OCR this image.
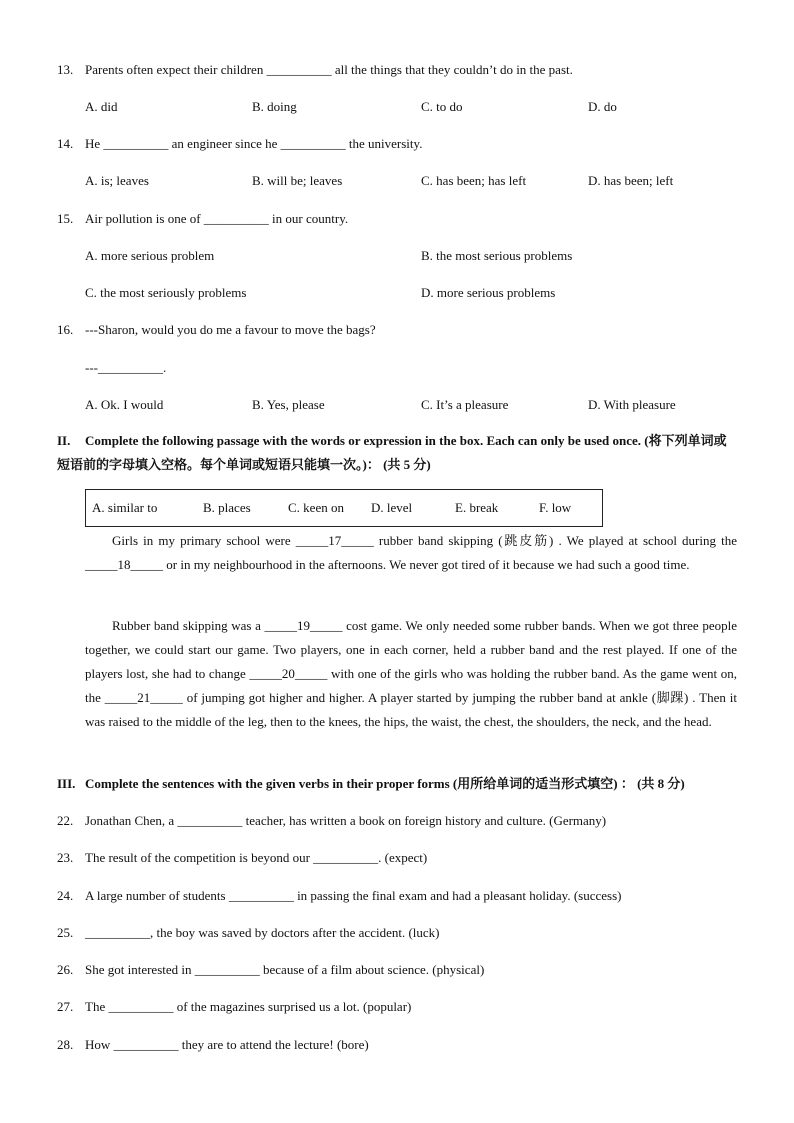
13. Parents often expect their children __________ all the things that they couldn’t do in the past.
A. did	B. doing	C. to do	D. do
14. He __________ an engineer since he __________ the university.
A. is; leaves	B. will be; leaves	C. has been; has left	D. has been; left
15. Air pollution is one of __________ in our country.
A. more serious problem	B. the most serious problems
C. the most seriously problems	D. more serious problems
16. ---Sharon, would you do me a favour to move the bags?
---__________.
A. Ok. I would	B. Yes, please	C. It’s a pleasure	D. With pleasure
II. Complete the following passage with the words or expression in the box. Each can only be used once. (将下列单词或短语前的字母填入空格。每个单词或短语只能填一次。)： (共 5 分)
A. similar to	B. places	C. keen on D. level	E. break	F. low
Girls in my primary school were _____17_____ rubber band skipping (跳皮筋) . We played at school during the _____18_____ or in my neighbourhood in the afternoons. We never got tired of it because we had such a good time.
Rubber band skipping was a _____19_____ cost game. We only needed some rubber bands. When we got three people together, we could start our game. Two players, one in each corner, held a rubber band and the rest played. If one of the players lost, she had to change _____20_____ with one of the girls who was holding the rubber band. As the game went on, the _____21_____ of jumping got higher and higher. A player started by jumping the rubber band at ankle (脚踝) . Then it was raised to the middle of the leg, then to the knees, the hips, the waist, the chest, the shoulders, the neck, and the head.
III. Complete the sentences with the given verbs in their proper forms (用所给单词的适当形式填空) ： (共 8 分)
22. Jonathan Chen, a __________ teacher, has written a book on foreign history and culture. (Germany)
23. The result of the competition is beyond our __________. (expect)
24. A large number of students __________ in passing the final exam and had a pleasant holiday. (success)
25. __________, the boy was saved by doctors after the accident. (luck)
26. She got interested in __________ because of a film about science. (physical)
27. The __________ of the magazines surprised us a lot. (popular)
28. How __________ they are to attend the lecture! (bore)
